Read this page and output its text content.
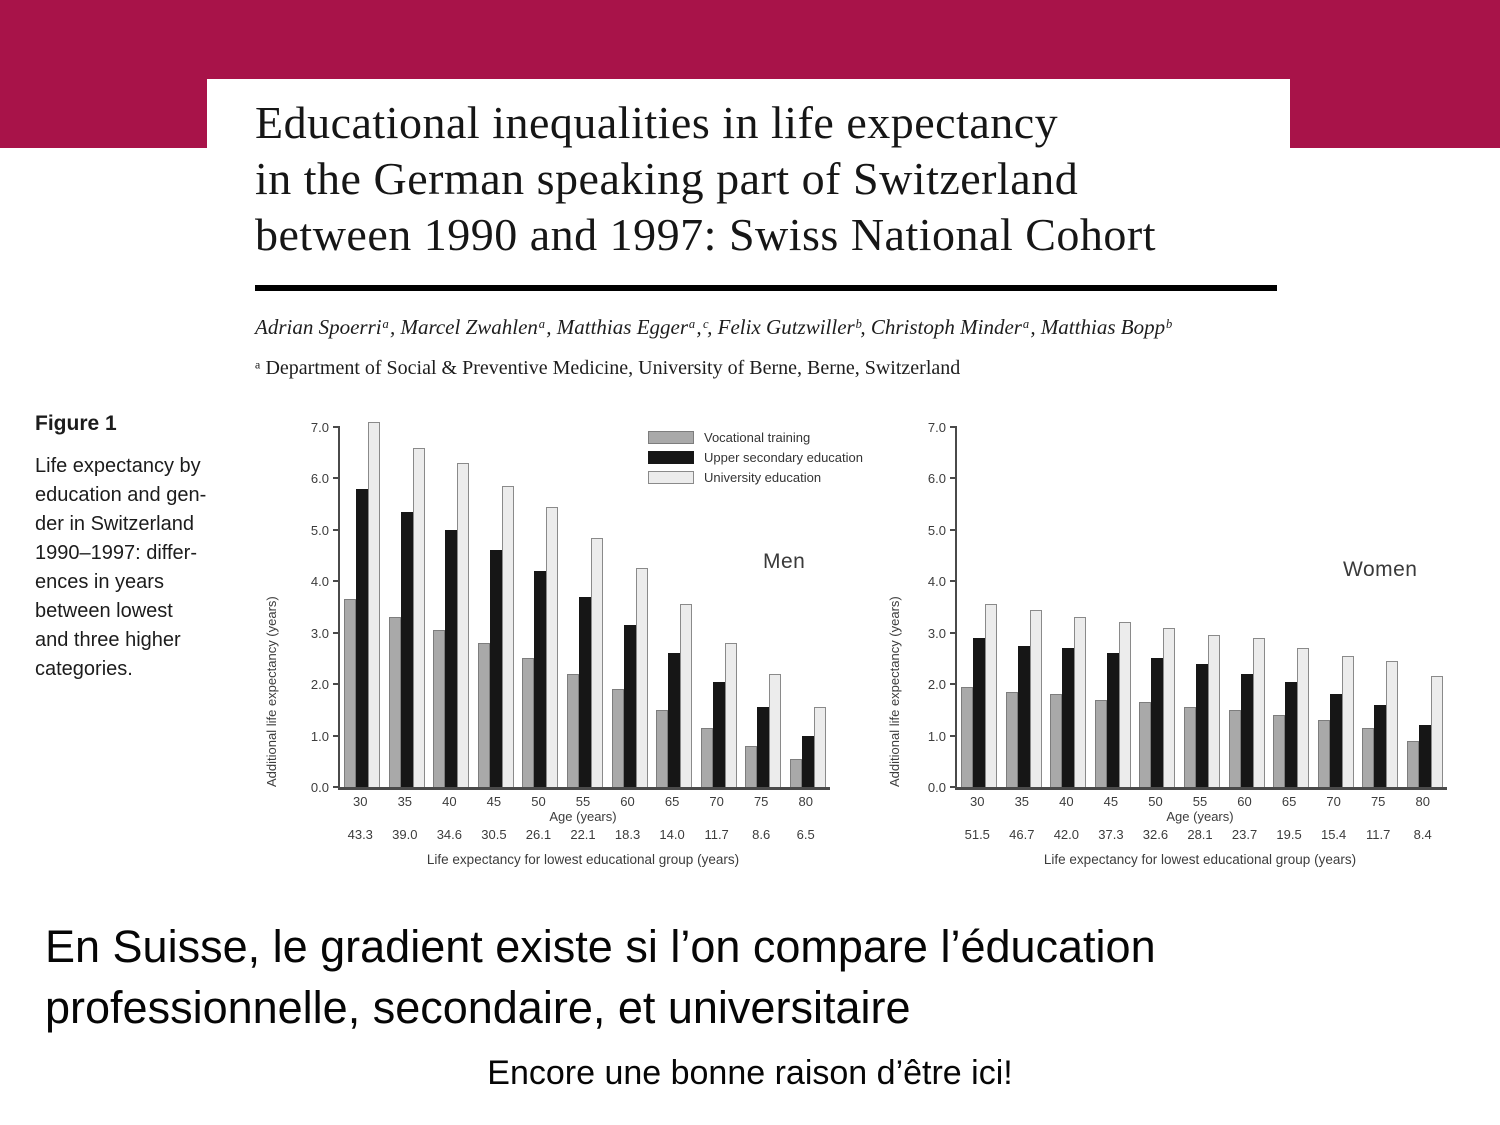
Educational inequalities in life expectancy
in the German speaking part of Switzerland
between 1990 and 1997: Swiss National Cohort
Adrian Spoerriᵃ, Marcel Zwahlenᵃ, Matthias Eggerᵃ,ᶜ, Felix Gutzwillerᵇ, Christoph Minderᵃ, Matthias Boppᵇ
ᵃ Department of Social & Preventive Medicine, University of Berne, Berne, Switzerland
Figure 1
Life expectancy by
education and gen-
der in Switzerland
1990–1997: differ-
ences in years
between lowest
and three higher
categories.	Additional life expectancy (years)
0.0
1.0
2.0
3.0
4.0
5.0
6.0
7.0
30 35 40 45 50 55 60 65 70 75 80
Age (years)
43.3 39.0 34.6 30.5 26.1 22.1 18.3 14.0 11.7 8.6 6.5
Life expectancy for lowest educational group (years)
Men
Vocational training
Upper secondary education
University education
Additional life expectancy (years)
0.0
1.0
2.0
3.0
4.0
5.0
6.0
7.0
30 35 40 45 50 55 60 65 70 75 80
Age (years)
51.5 46.7 42.0 37.3 32.6 28.1 23.7 19.5 15.4 11.7 8.4
Life expectancy for lowest educational group (years)
Women
En Suisse, le gradient existe si l’on compare l’éducation
professionnelle, secondaire, et universitaire
Encore une bonne raison d’être ici!
